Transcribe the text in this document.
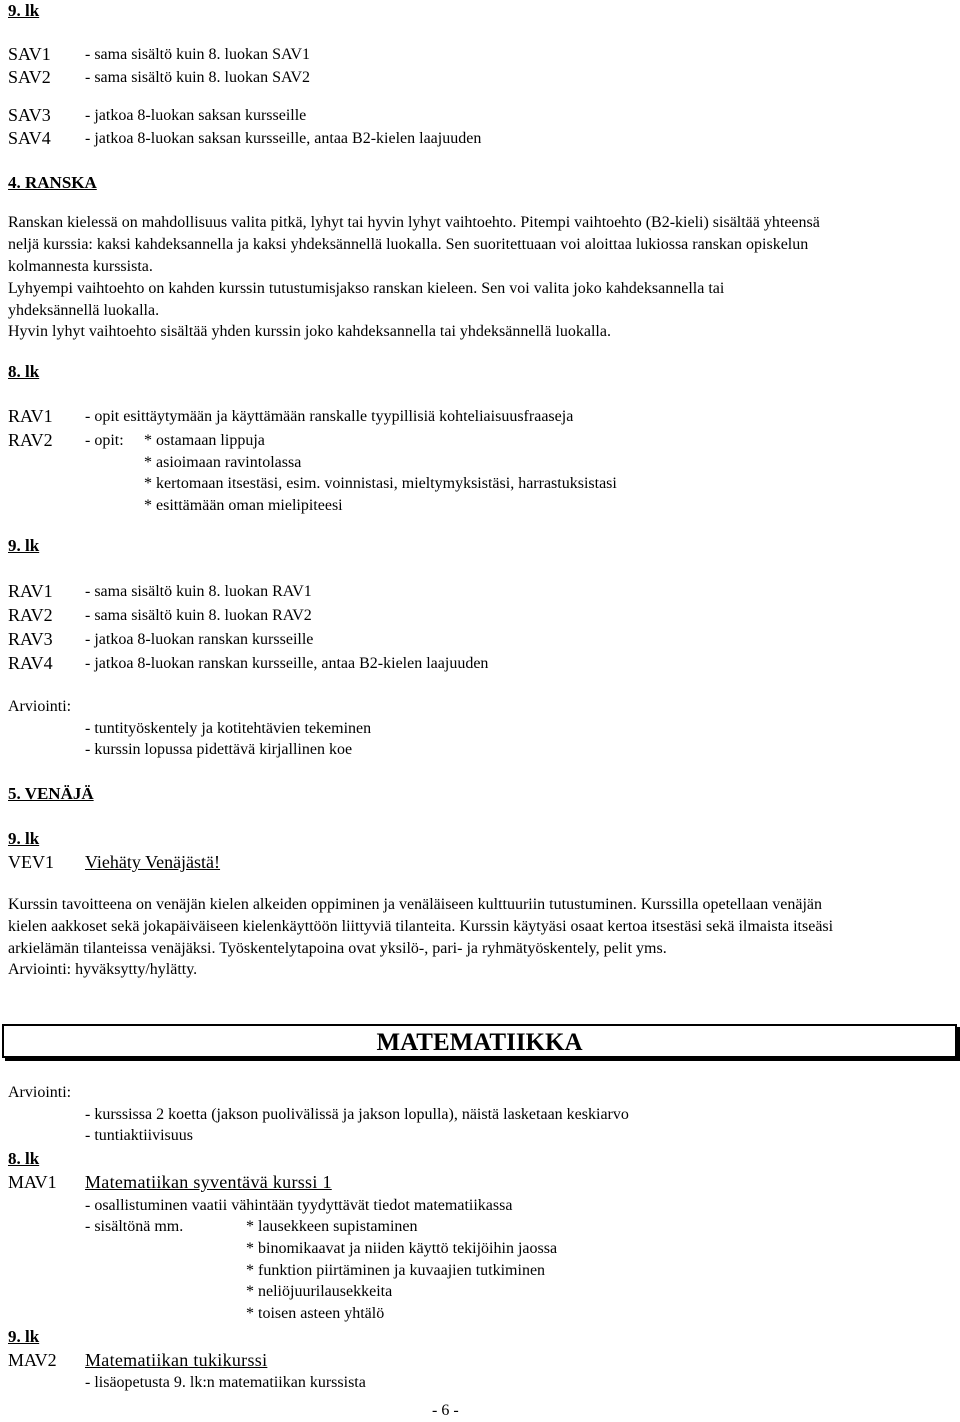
9. lk
SAV1 - sama sisältö kuin 8. luokan SAV1
SAV2 - sama sisältö kuin 8. luokan SAV2
SAV3 - jatkoa 8-luokan saksan kursseille
SAV4 - jatkoa 8-luokan saksan kursseille, antaa B2-kielen laajuuden
4. RANSKA
Ranskan kielessä on mahdollisuus valita pitkä, lyhyt tai hyvin lyhyt vaihtoehto. Pitempi vaihtoehto (B2-kieli) sisältää yhteensä
neljä kurssia: kaksi kahdeksannella ja kaksi yhdeksännellä luokalla. Sen suoritettuaan voi aloittaa lukiossa ranskan opiskelun
kolmannesta kurssista.
Lyhyempi vaihtoehto on kahden kurssin tutustumisjakso ranskan kieleen. Sen voi valita joko kahdeksannella tai
yhdeksännellä luokalla.
Hyvin lyhyt vaihtoehto sisältää yhden kurssin joko kahdeksannella tai yhdeksännellä luokalla.
8. lk
RAV1 - opit esittäytymään ja käyttämään ranskalle tyypillisiä kohteliaisuusfraaseja
RAV2 - opit: * ostamaan lippuja
* asioimaan ravintolassa
* kertomaan itsestäsi, esim. voinnistasi, mieltymyksistäsi, harrastuksistasi
* esittämään oman mielipiteesi
9. lk
RAV1 - sama sisältö kuin 8. luokan RAV1
RAV2 - sama sisältö kuin 8. luokan RAV2
RAV3 - jatkoa 8-luokan ranskan kursseille
RAV4 - jatkoa 8-luokan ranskan kursseille, antaa B2-kielen laajuuden
Arviointi:
- tuntityöskentely ja kotitehtävien tekeminen
- kurssin lopussa pidettävä kirjallinen koe
5. VENÄJÄ
9. lk
VEV1 Viehäty Venäjästä!
Kurssin tavoitteena on venäjän kielen alkeiden oppiminen ja venäläiseen kulttuuriin tutustuminen. Kurssilla opetellaan venäjän
kielen aakkoset sekä jokapäiväiseen kielenkäyttöön liittyviä tilanteita. Kurssin käytyäsi osaat kertoa itsestäsi sekä ilmaista itseäsi
arkielämän tilanteissa venäjäksi. Työskentelytapoina ovat yksilö-, pari- ja ryhmätyöskentely, pelit yms.
Arviointi: hyväksytty/hylätty.
MATEMATIIKKA
Arviointi:
- kurssissa 2 koetta (jakson puolivälissä ja jakson lopulla), näistä lasketaan keskiarvo
- tuntiaktiivisuus
8. lk
MAV1 Matematiikan syventävä kurssi 1
- osallistuminen vaatii vähintään tyydyttävät tiedot matematiikassa
- sisältönä mm.	* lausekkeen supistaminen
* binomikaavat ja niiden käyttö tekijöihin jaossa
* funktion piirtäminen ja kuvaajien tutkiminen
* neliöjuurilausekkeita
* toisen asteen yhtälö
9. lk
MAV2 Matematiikan tukikurssi
- lisäopetusta 9. lk:n matematiikan kurssista
- 6 -
